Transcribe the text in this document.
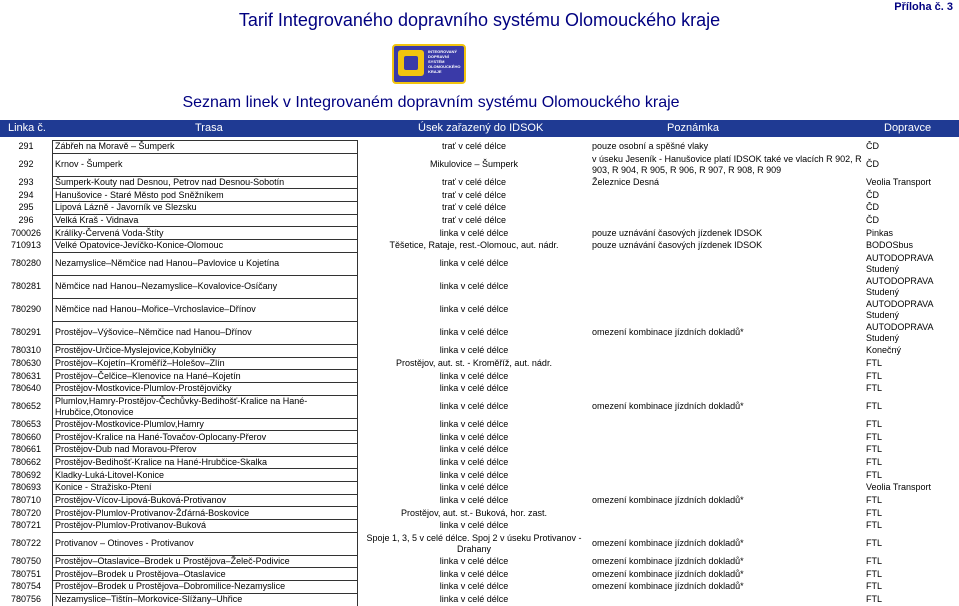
Tarif Integrovaného dopravního systému Olomouckého kraje
Příloha č. 3
INTEGROVANÝ DOPRAVNÍ SYSTÉM OLOMOUCKÉHO KRAJE
Seznam linek v Integrovaném dopravním systému Olomouckého kraje
Linka č.	Trasa	Úsek zařazený do IDSOK	Poznámka	Dopravce
291	Zábřeh na Moravě – Šumperk	trať v celé délce	pouze osobní a spěšné vlaky	ČD
292	Krnov - Šumperk	Mikulovice – Šumperk	v úseku Jeseník - Hanušovice platí IDSOK také ve vlacích R 902, R 903, R 904, R 905, R 906, R 907, R 908, R 909	ČD
293	Šumperk-Kouty nad Desnou, Petrov nad Desnou-Sobotín	trať v celé délce	Železnice Desná	Veolia Transport
294	Hanušovice - Staré Město pod Sněžníkem	trať v celé délce		ČD
295	Lipová Lázně - Javorník ve Slezsku	trať v celé délce		ČD
296	Velká Kraš - Vidnava	trať v celé délce		ČD
700026	Králíky-Červená Voda-Štíty	linka v celé délce	pouze uznávání časových jízdenek IDSOK	Pinkas
710913	Velké Opatovice-Jevíčko-Konice-Olomouc	Těšetice, Rataje, rest.-Olomouc, aut. nádr.	pouze uznávání časových jízdenek IDSOK	BODOSbus
780280	Nezamyslice–Němčice nad Hanou–Pavlovice u Kojetína	linka v celé délce		AUTODOPRAVA Studený
780281	Němčice nad Hanou–Nezamyslice–Kovalovice-Osíčany	linka v celé délce		AUTODOPRAVA Studený
780290	Němčice nad Hanou–Mořice–Vrchoslavice–Dřínov	linka v celé délce		AUTODOPRAVA Studený
780291	Prostějov–Výšovice–Němčice nad Hanou–Dřínov	linka v celé délce	omezení kombinace jízdních dokladů*	AUTODOPRAVA Studený
780310	Prostějov-Určice-Myslejovice,Kobylničky	linka v celé délce		Konečný
780630	Prostějov–Kojetín–Kroměříž–Holešov–Zlín	Prostějov, aut. st. - Kroměříž, aut. nádr.		FTL
780631	Prostějov–Čelčice–Klenovice na Hané–Kojetín	linka v celé délce		FTL
780640	Prostějov-Mostkovice-Plumlov-Prostějovičky	linka v celé délce		FTL
780652	Plumlov,Hamry-Prostějov-Čechůvky-Bedihošť-Kralice na Hané-Hrubčice,Otonovice	linka v celé délce	omezení kombinace jízdních dokladů*	FTL
780653	Prostějov-Mostkovice-Plumlov,Hamry	linka v celé délce		FTL
780660	Prostějov-Kralice na Hané-Tovačov-Oplocany-Přerov	linka v celé délce		FTL
780661	Prostějov-Dub nad Moravou-Přerov	linka v celé délce		FTL
780662	Prostějov-Bedihošť-Kralice na Hané-Hrubčice-Skalka	linka v celé délce		FTL
780692	Kladky-Luká-Litovel-Konice	linka v celé délce		FTL
780693	Konice - Stražisko-Ptení	linka v celé délce		Veolia Transport
780710	Prostějov-Vícov-Lipová-Buková-Protivanov	linka v celé délce	omezení kombinace jízdních dokladů*	FTL
780720	Prostějov-Plumlov-Protivanov-Žďárná-Boskovice	Prostějov, aut. st.- Buková, hor. zast.		FTL
780721	Prostějov-Plumlov-Protivanov-Buková	linka v celé délce		FTL
780722	Protivanov – Otinoves - Protivanov	Spoje 1, 3, 5 v celé délce. Spoj 2 v úseku Protivanov - Drahany	omezení kombinace jízdních dokladů*	FTL
780750	Prostějov–Otaslavice–Brodek u Prostějova–Želeč-Podivice	linka v celé délce	omezení kombinace jízdních dokladů*	FTL
780751	Prostějov–Brodek u Prostějova–Otaslavice	linka v celé délce	omezení kombinace jízdních dokladů*	FTL
780754	Prostějov–Brodek u Prostějova–Dobromilice-Nezamyslice	linka v celé délce	omezení kombinace jízdních dokladů*	FTL
780756	Nezamyslice–Tištín–Morkovice-Slížany–Uhřice	linka v celé délce		FTL
